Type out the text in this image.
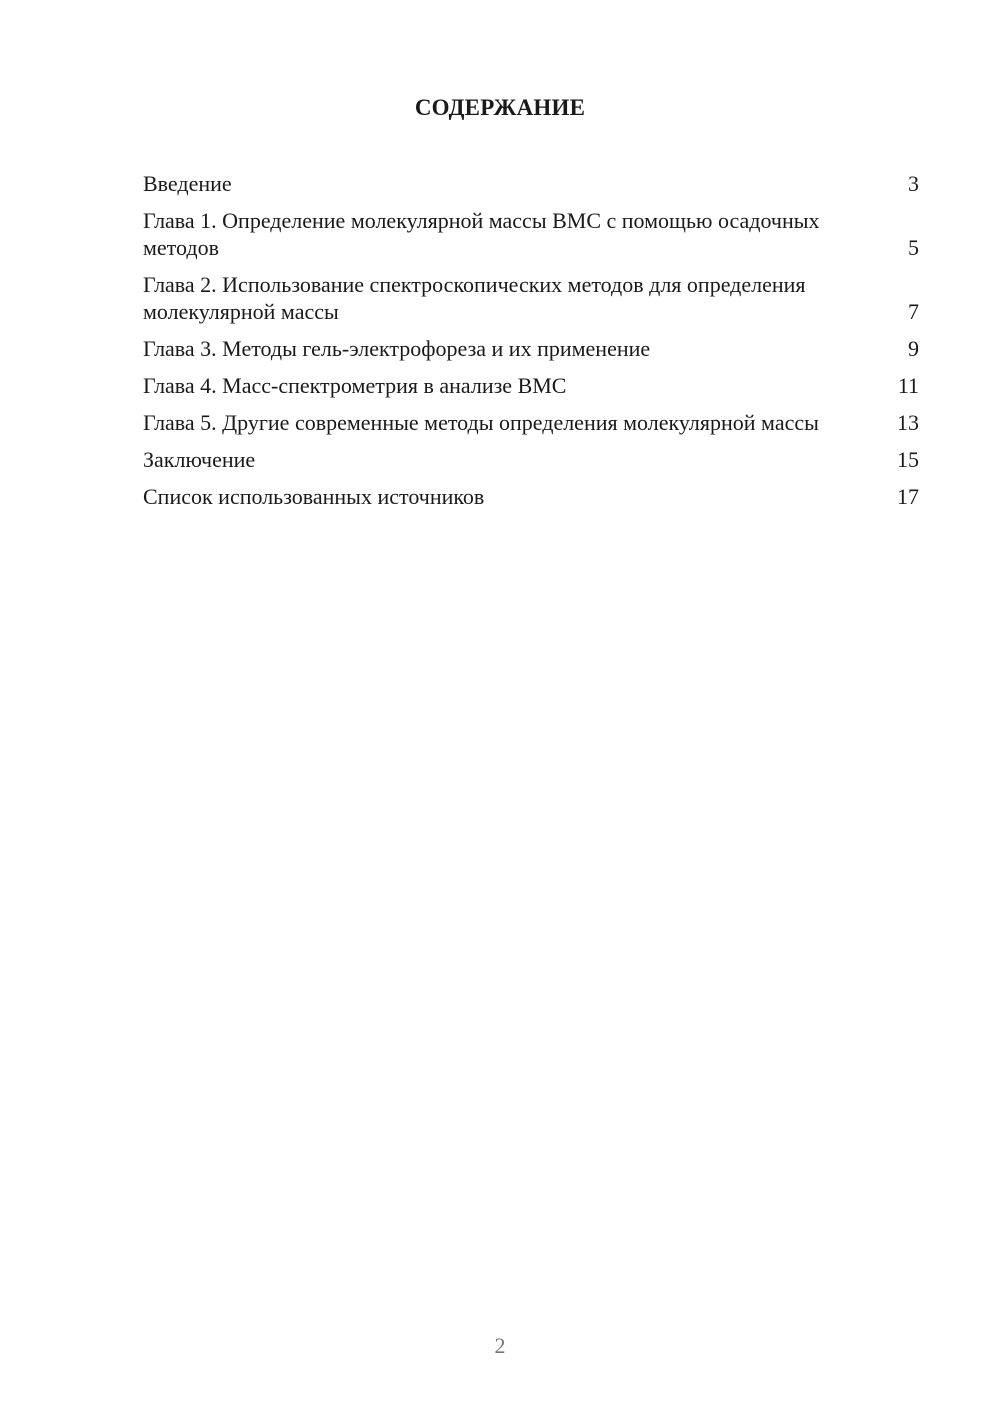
СОДЕРЖАНИЕ
Введение	3
Глава 1. Определение молекулярной массы ВМС с помощью осадочных методов	5
Глава 2. Использование спектроскопических методов для определения молекулярной массы	7
Глава 3. Методы гель-электрофореза и их применение	9
Глава 4. Масс-спектрометрия в анализе ВМС	11
Глава 5. Другие современные методы определения молекулярной массы	13
Заключение	15
Список использованных источников	17
2
